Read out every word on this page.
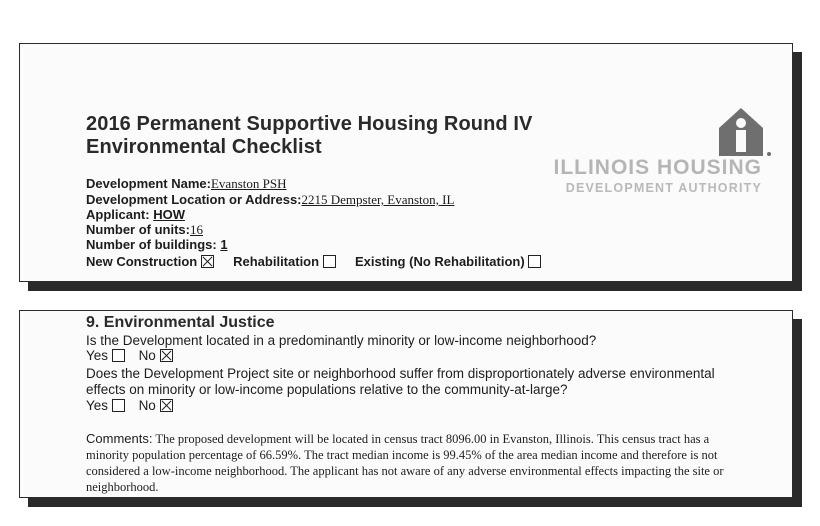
2016 Permanent Supportive Housing Round IV
Environmental Checklist
Development Name:Evanston PSH
Development Location or Address:2215 Dempster, Evanston, IL
Applicant: HOW
Number of units:16
Number of buildings: 1
New Construction	Rehabilitation	Existing (No Rehabilitation)
ILLINOIS HOUSING
DEVELOPMENT AUTHORITY
9. Environmental Justice
Is the Development located in a predominantly minority or low-income neighborhood?
Yes No
Does the Development Project site or neighborhood suffer from disproportionately adverse environmental
effects on minority or low-income populations relative to the community-at-large?
Yes No
Comments: The proposed development will be located in census tract 8096.00 in Evanston, Illinois. This census tract has a minority population percentage of 66.59%. The tract median income is 99.45% of the area median income and therefore is not considered a low-income neighborhood. The applicant has not aware of any adverse environmental effects impacting the site or neighborhood.
